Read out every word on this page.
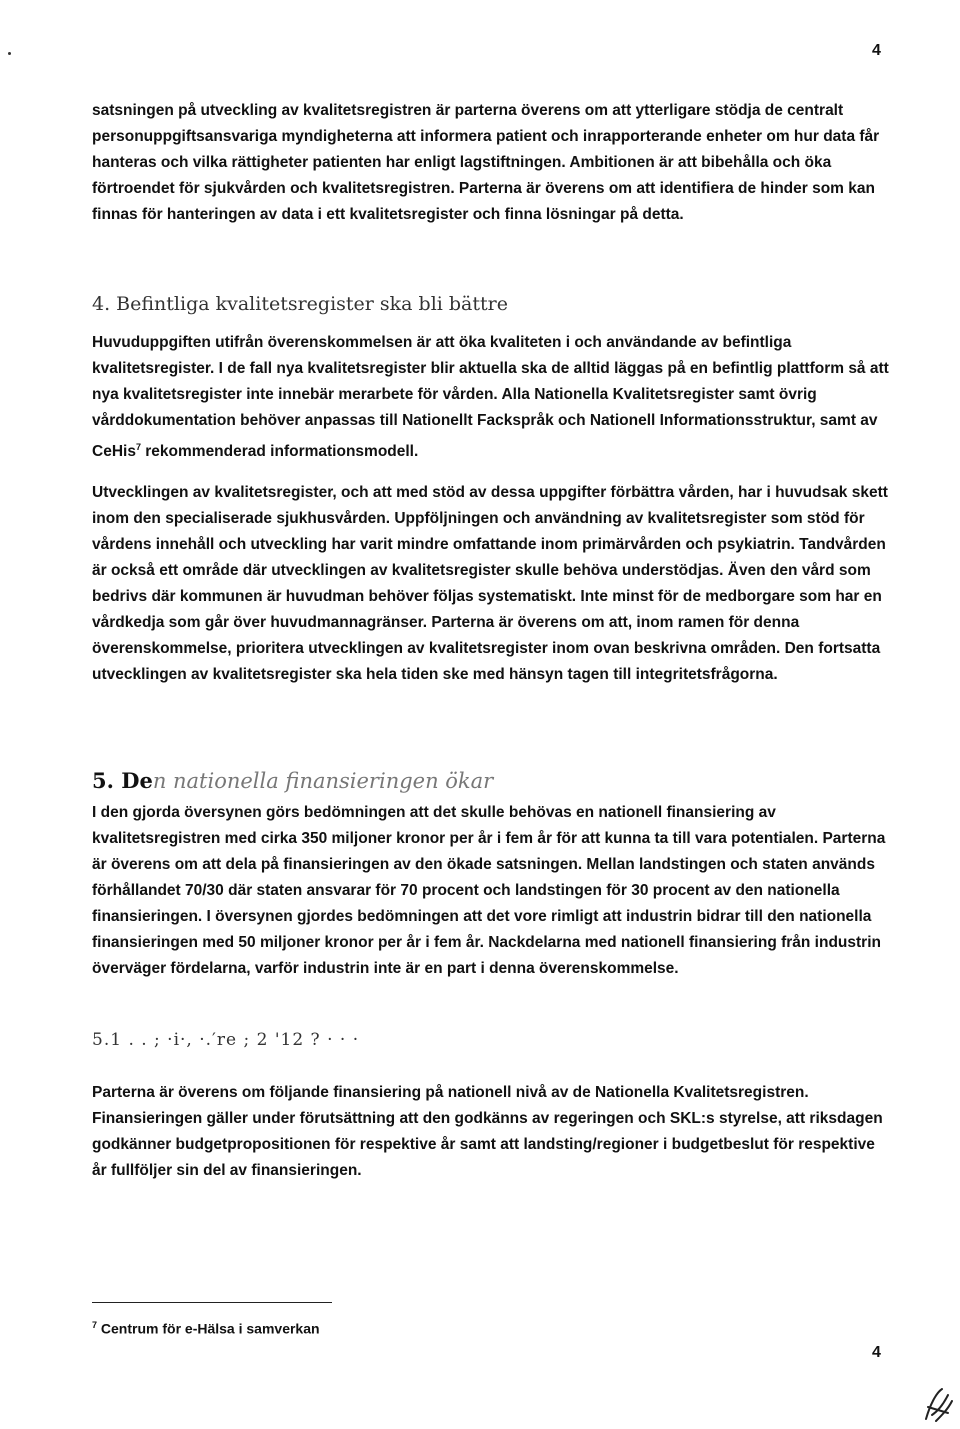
4
satsningen på utveckling av kvalitetsregistren är parterna överens om att ytterligare stödja de centralt personuppgiftsansvariga myndigheterna att informera patient och inrapporterande enheter om hur data får hanteras och vilka rättigheter patienten har enligt lagstiftningen. Ambitionen är att bibehålla och öka förtroendet för sjukvården och kvalitetsregistren. Parterna är överens om att identifiera de hinder som kan finnas för hanteringen av data i ett kvalitetsregister och finna lösningar på detta.
4. Befintliga kvalitetsregister ska bli bättre
Huvuduppgiften utifrån överenskommelsen är att öka kvaliteten i och användande av befintliga kvalitetsregister. I de fall nya kvalitetsregister blir aktuella ska de alltid läggas på en befintlig plattform så att nya kvalitetsregister inte innebär merarbete för vården. Alla Nationella Kvalitetsregister samt övrig vårddokumentation behöver anpassas till Nationellt Fackspråk och Nationell Informationsstruktur, samt av CeHis$^7$ rekommenderad informationsmodell.
Utvecklingen av kvalitetsregister, och att med stöd av dessa uppgifter förbättra vården, har i huvudsak skett inom den specialiserade sjukhusvården. Uppföljningen och användning av kvalitetsregister som stöd för vårdens innehåll och utveckling har varit mindre omfattande inom primärvården och psykiatrin. Tandvården är också ett område där utvecklingen av kvalitetsregister skulle behöva understödjas. Även den vård som bedrivs där kommunen är huvudman behöver följas systematiskt. Inte minst för de medborgare som har en vårdkedja som går över huvudmannagränser. Parterna är överens om att, inom ramen för denna överenskommelse, prioritera utvecklingen av kvalitetsregister inom ovan beskrivna områden. Den fortsatta utvecklingen av kvalitetsregister ska hela tiden ske med hänsyn tagen till integritetsfrågorna.
5. Den nationella finansieringen ökar
I den gjorda översynen görs bedömningen att det skulle behövas en nationell finansiering av kvalitetsregistren med cirka 350 miljoner kronor per år i fem år för att kunna ta till vara potentialen. Parterna är överens om att dela på finansieringen av den ökade satsningen. Mellan landstingen och staten används förhållandet 70/30 där staten ansvarar för 70 procent och landstingen för 30 procent av den nationella finansieringen. I översynen gjordes bedömningen att det vore rimligt att industrin bidrar till den nationella finansieringen med 50 miljoner kronor per år i fem år. Nackdelarna med nationell finansiering från industrin överväger fördelarna, varför industrin inte är en part i denna överenskommelse.
5.1 . . ; ·i·, ·.′re ; 2 '12 ? · · ·
Parterna är överens om följande finansiering på nationell nivå av de Nationella Kvalitetsregistren. Finansieringen gäller under förutsättning att den godkänns av regeringen och SKL:s styrelse, att riksdagen godkänner budgetpropositionen för respektive år samt att landsting/regioner i budgetbeslut för respektive år fullföljer sin del av finansieringen.
$^7$ Centrum för e-Hälsa i samverkan
4
